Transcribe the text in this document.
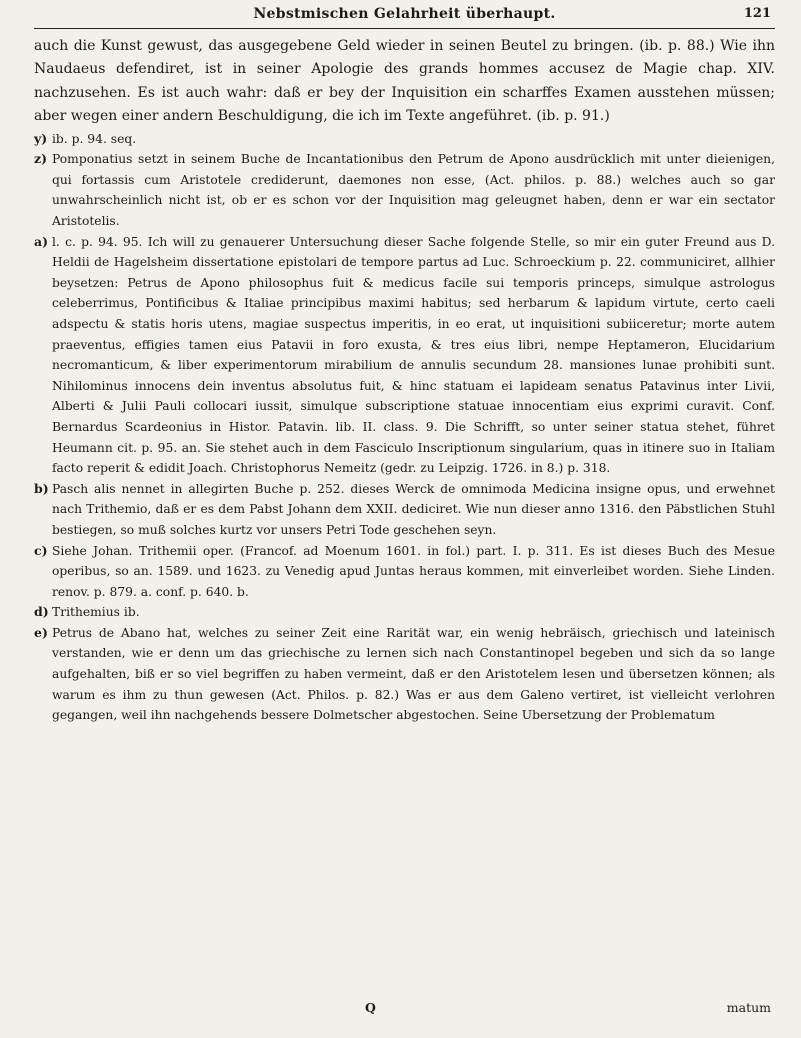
Nebstmischen Gelahrheit überhaupt.	121

auch die Kunst gewust, das ausgegebene Geld wieder in seinen Beutel zu bringen. (ib. p. 88.) Wie ihn Naudaeus defendiret, ist in seiner Apologie des grands hommes accusez de Magie chap. XIV. nachzusehen. Es ist auch wahr: daß er bey der Inquisition ein scharffes Examen ausstehen müssen; aber wegen einer andern Beschuldigung, die ich im Texte angeführet. (ib. p. 91.)

y) ib. p. 94. seq.
z) Pomponatius setzt in seinem Buche de Incantationibus den Petrum de Apono ausdrücklich mit unter dieienigen, qui fortassis cum Aristotele crediderunt, daemones non esse, (Act. philos. p. 88.) welches auch so gar unwahrscheinlich nicht ist, ob er es schon vor der Inquisition mag geleugnet haben, denn er war ein sectator Aristotelis.
a) l. c. p. 94. 95. Ich will zu genauerer Untersuchung dieser Sache folgende Stelle, so mir ein guter Freund aus D. Heldii de Hagelsheim dissertatione epistolari de tempore partus ad Luc. Schroeckium p. 22. communiciret, allhier beysetzen: Petrus de Apono philosophus fuit & medicus facile sui temporis princeps, simulque astrologus celeberrimus, Pontificibus & Italiae principibus maximi habitus; sed herbarum & lapidum virtute, certo caeli adspectu & statis horis utens, magiae suspectus imperitis, in eo erat, ut inquisitioni subiiceretur; morte autem praeventus, effigies tamen eius Patavii in foro exusta, & tres eius libri, nempe Heptameron, Elucidarium necromanticum, & liber experimentorum mirabilium de annulis secundum 28. mansiones lunae prohibiti sunt. Nihilominus innocens dein inventus absolutus fuit, & hinc statuam ei lapideam senatus Patavinus inter Livii, Alberti & Julii Pauli collocari iussit, simulque subscriptione statuae innocentiam eius exprimi curavit. Conf. Bernardus Scardeonius in Histor. Patavin. lib. II. class. 9. Die Schrifft, so unter seiner statua stehet, führet Heumann cit. p. 95. an. Sie stehet auch in dem Fasciculo Inscriptionum singularium, quas in itinere suo in Italiam facto reperit & edidit Joach. Christophorus Nemeitz (gedr. zu Leipzig. 1726. in 8.) p. 318.
b) Pasch alis nennet in allegirten Buche p. 252. dieses Werck de omnimoda Medicina insigne opus, und erwehnet nach Trithemio, daß er es dem Pabst Johann dem XXII. dediciret. Wie nun dieser anno 1316. den Päbstlichen Stuhl bestiegen, so muß solches kurtz vor unsers Petri Tode geschehen seyn.
c) Siehe Johan. Trithemii oper. (Francof. ad Moenum 1601. in fol.) part. I. p. 311. Es ist dieses Buch des Mesue operibus, so an. 1589. und 1623. zu Venedig apud Juntas heraus kommen, mit einverleibet worden. Siehe Linden. renov. p. 879. a. conf. p. 640. b.
d) Trithemius ib.
e) Petrus de Abano hat, welches zu seiner Zeit eine Rarität war, ein wenig hebräisch, griechisch und lateinisch verstanden, wie er denn um das griechische zu lernen sich nach Constantinopel begeben und sich da so lange aufgehalten, biß er so viel begriffen zu haben vermeint, daß er den Aristotelem lesen und übersetzen können; als warum es ihm zu thun gewesen (Act. Philos. p. 82.) Was er aus dem Galeno vertiret, ist vielleicht verlohren gegangen, weil ihn nachgehends bessere Dolmetscher abgestochen. Seine Ubersetzung der Problematum
Q	matum
